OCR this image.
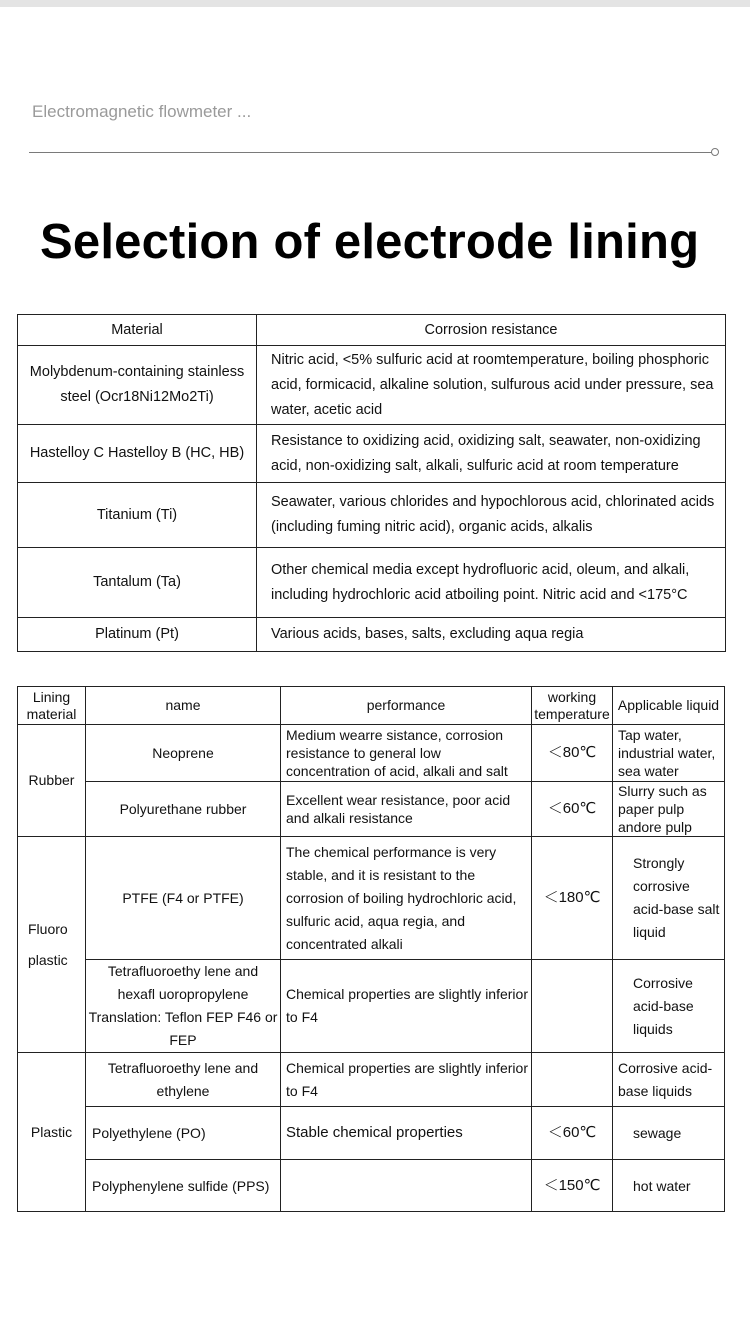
Electromagnetic flowmeter ...
Selection of electrode lining
Material	Corrosion resistance
Molybdenum-containing stainless steel (Ocr18Ni12Mo2Ti)	Nitric acid, <5% sulfuric acid at roomtemperature, boiling phosphoric acid, formicacid, alkaline solution, sulfurous acid under pressure, sea water, acetic acid
Hastelloy C Hastelloy B (HC, HB)	Resistance to oxidizing acid, oxidizing salt, seawater, non-oxidizing acid, non-oxidizing salt, alkali, sulfuric acid at room temperature
Titanium (Ti)	Seawater, various chlorides and hypochlorous acid, chlorinated acids (including fuming nitric acid), organic acids, alkalis
Tantalum (Ta)	Other chemical media except hydrofluoric acid, oleum, and alkali, including hydrochloric acid atboiling point. Nitric acid and <175°C
Platinum (Pt)	Various acids, bases, salts, excluding aqua regia
Lining material	name	performance	working temperature	Applicable liquid
Rubber	Neoprene	Medium wearre sistance, corrosion resistance to general low concentration of acid, alkali and salt	＜80℃	Tap water, industrial water, sea water
	Polyurethane rubber	Excellent wear resistance, poor acid and alkali resistance	＜60℃	Slurry such as paper pulp andore pulp
Fluoro plastic	PTFE (F4 or PTFE)	The chemical performance is very stable, and it is resistant to the corrosion of boiling hydrochloric acid, sulfuric acid, aqua regia, and concentrated alkali	＜180℃	Strongly corrosive acid-base salt liquid
	Tetrafluoroethy lene and hexafl uoropropylene Translation: Teflon FEP F46 or FEP	Chemical properties are slightly inferior to F4		Corrosive acid-base liquids
Plastic	Tetrafluoroethy lene and ethylene	Chemical properties are slightly inferior to F4		Corrosive acid-base liquids
	Polyethylene (PO)	Stable chemical properties	＜60℃	sewage
	Polyphenylene sulfide (PPS)		＜150℃	hot water
